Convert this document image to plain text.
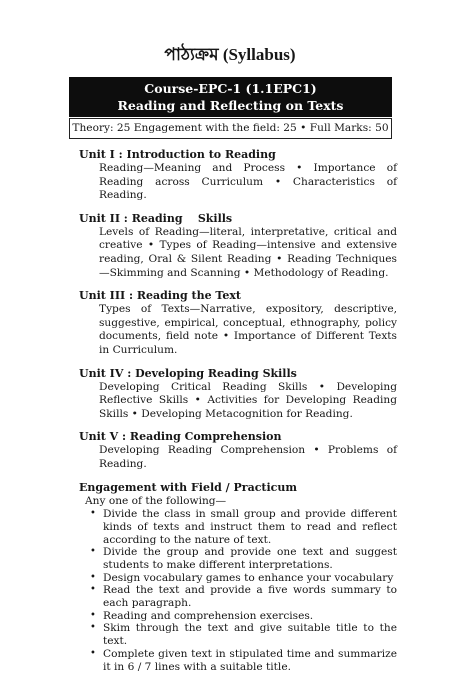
পাঠ্যক্রম (Syllabus)
Course-EPC-1 (1.1EPC1)
Reading and Reflecting on Texts
Theory: 25 Engagement with the field: 25 • Full Marks: 50
Unit I : Introduction to Reading
Reading—Meaning and Process • Importance of Reading across Curriculum • Characteristics of Reading.
Unit II : Reading    Skills
Levels of Reading—literal, interpretative, critical and creative • Types of Reading—intensive and extensive reading, Oral & Silent Reading • Reading Techniques—Skimming and Scanning • Methodology of Reading.
Unit III : Reading the Text
Types of Texts—Narrative, expository, descriptive, suggestive, empirical, conceptual, ethnography, policy documents, field note • Importance of Different Texts in Curriculum.
Unit IV : Developing Reading Skills
Developing Critical Reading Skills • Developing Reflective Skills • Activities for Developing Reading Skills • Developing Metacognition for Reading.
Unit V : Reading Comprehension
Developing Reading Comprehension • Problems of Reading.
Engagement with Field / Practicum
Any one of the following—
• Divide the class in small group and provide different kinds of texts and instruct them to read and reflect according to the nature of text.
• Divide the group and provide one text and suggest students to make different interpretations.
• Design vocabulary games to enhance your vocabulary
• Read the text and provide a five words summary to each paragraph.
• Reading and comprehension exercises.
• Skim through the text and give suitable title to the text.
• Complete given text in stipulated time and summarize it in 6 / 7 lines with a suitable title.
